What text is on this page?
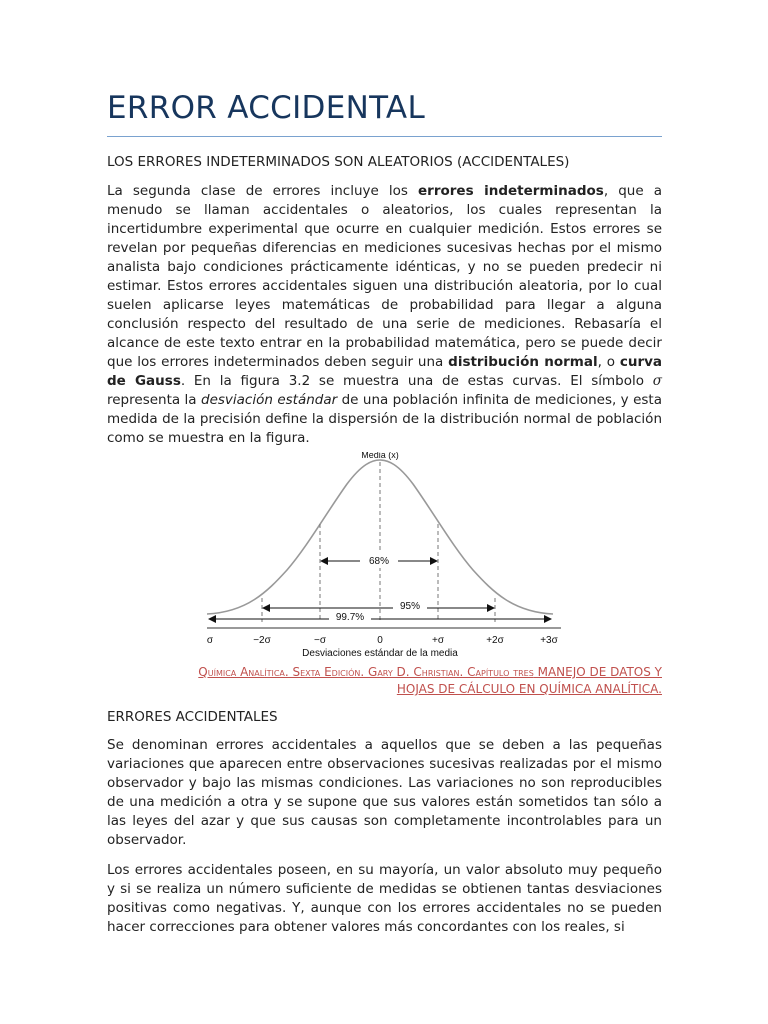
ERROR ACCIDENTAL
LOS ERRORES INDETERMINADOS SON ALEATORIOS (ACCIDENTALES)

La segunda clase de errores incluye los errores indeterminados, que a menudo se llaman accidentales o aleatorios, los cuales representan la incertidumbre experimental que ocurre en cualquier medición. Estos errores se revelan por pequeñas diferencias en mediciones sucesivas hechas por el mismo analista bajo condiciones prácticamente idénticas, y no se pueden predecir ni estimar. Estos errores accidentales siguen una distribución aleatoria, por lo cual suelen aplicarse leyes matemáticas de probabilidad para llegar a alguna conclusión respecto del resultado de una serie de mediciones. Rebasaría el alcance de este texto entrar en la probabilidad matemática, pero se puede decir que los errores indeterminados deben seguir una distribución normal, o curva de Gauss. En la figura 3.2 se muestra una de estas curvas. El símbolo σ representa la desviación estándar de una población infinita de mediciones, y esta medida de la precisión define la dispersión de la distribución normal de población como se muestra en la figura.

68%
95%
99.7%
σ	−2σ	−σ	0	+σ	+2σ	+3σ
Media (x)
Desviaciones estándar de la media
Química Analítica. Sexta Edición. Gary D. Christian. Capítulo tres MANEJO DE DATOS Y
HOJAS DE CÁLCULO EN QUÍMICA ANALÍTICA.
ERRORES ACCIDENTALES

Se denominan errores accidentales a aquellos que se deben a las pequeñas variaciones que aparecen entre observaciones sucesivas realizadas por el mismo observador y bajo las mismas condiciones. Las variaciones no son reproducibles de una medición a otra y se supone que sus valores están sometidos tan sólo a las leyes del azar y que sus causas son completamente incontrolables para un observador.

Los errores accidentales poseen, en su mayoría, un valor absoluto muy pequeño y si se realiza un número suficiente de medidas se obtienen tantas desviaciones positivas como negativas. Y, aunque con los errores accidentales no se pueden hacer correcciones para obtener valores más concordantes con los reales, si
